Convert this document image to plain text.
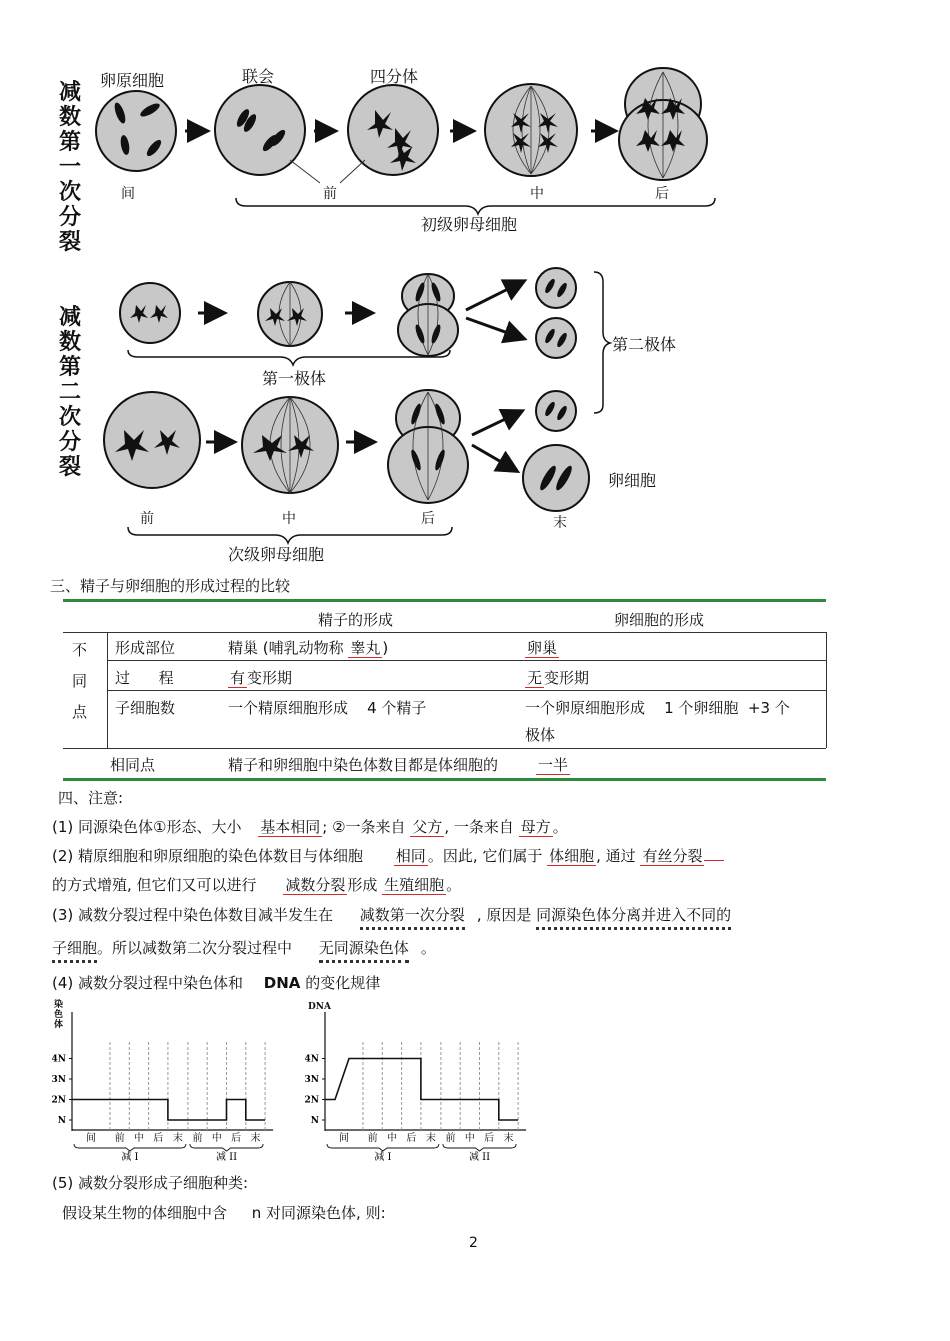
减
数
第
一
次
分
裂
卵原细胞	联会	四分体
间	前	中	后
初级卵母细胞
减
数
第
二
次
分
裂
第一极体
第二极体
卵细胞
前	中	后	末
次级卵母细胞
三、精子与卵细胞的形成过程的比较
精子的形成	卵细胞的形成
不
同
点
形成部位	精巢 (哺乳动物称 睾丸 )	卵巢
过      程	有 变形期	无 变形期
子细胞数	一个精原细胞形成    4 个精子	一个卵原细胞形成    1 个卵细胞  +3 个
极体
相同点	精子和卵细胞中染色体数目都是体细胞的	一半
四、注意:
(1) 同源染色体①形态、大小 基本相同 ; ②一条来自 父方 , 一条来自 母方 。
(2) 精原细胞和卵原细胞的染色体数目与体细胞 相同 。因此, 它们属于 体细胞 , 通过 有丝分裂
的方式增殖, 但它们又可以进行 减数分裂 形成 生殖细胞 。
(3) 减数分裂过程中染色体数目减半发生在 减数第一次分裂 , 原因是 同源染色体分离并进入不同的
子细胞。所以减数第二次分裂过程中 无同源染色体 。
(4) 减数分裂过程中染色体和 DNA 的变化规律
4N
3N
2N
N
间 前 中 后 末 前 中 后 末
减 I	减 II
4N
3N
2N
N
间 前 中 后 末 前 中 后 末
减 I	减 II
染色体
DNA
(5) 减数分裂形成子细胞种类:
假设某生物的体细胞中含 n 对同源染色体, 则:
2
